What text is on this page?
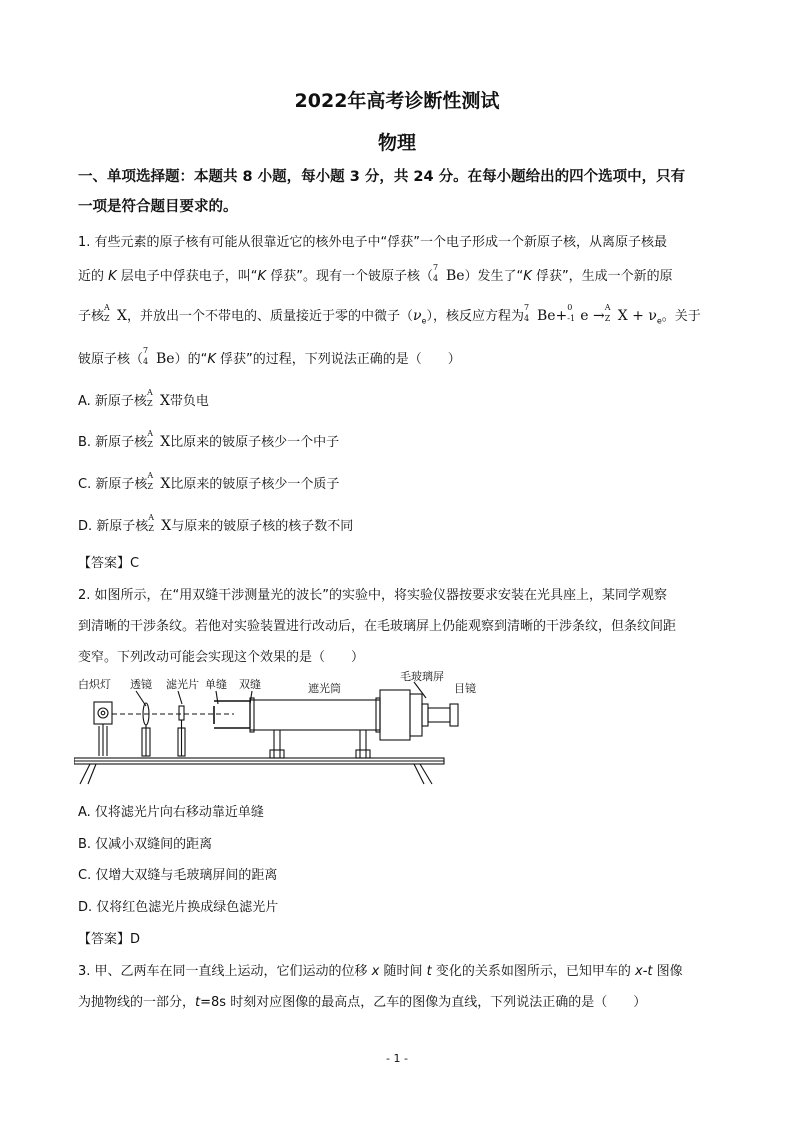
2022年高考诊断性测试
物理
一、单项选择题：本题共 8 小题，每小题 3 分，共 24 分。在每小题给出的四个选项中，只有
一项是符合题目要求的。
1. 有些元素的原子核有可能从很靠近它的核外电子中“俘获”一个电子形成一个新原子核，从离原子核最
近的 K 层电子中俘获电子，叫“K 俘获”。现有一个铍原子核（
7
4 Be）发生了“K 俘获”，生成一个新的原
子核
A
Z X，并放出一个不带电的、质量接近于零的中微子$(\nu_e)$，核反应方程为
7
4 Be+
0
-1 e →
A
Z $X + \nu_e$。关于
铍原子核（
7
4 Be）的“K 俘获”的过程，下列说法正确的是（　　）
A. 新原子核
A
Z X带负电
B. 新原子核
A
Z X比原来的铍原子核少一个中子
C. 新原子核
A
Z X比原来的铍原子核少一个质子
D. 新原子核
A
Z X与原来的铍原子核的核子数不同
【答案】C
2. 如图所示，在“用双缝干涉测量光的波长”的实验中，将实验仪器按要求安装在光具座上，某同学观察
到清晰的干涉条纹。若他对实验装置进行改动后，在毛玻璃屏上仍能观察到清晰的干涉条纹，但条纹间距
变窄。下列改动可能会实现这个效果的是（　　）
白炽灯 透镜 滤光片 单缝 双缝	遮光筒
毛玻璃屏
目镜
A. 仅将滤光片向右移动靠近单缝
B. 仅减小双缝间的距离
C. 仅增大双缝与毛玻璃屏间的距离
D. 仅将红色滤光片换成绿色滤光片
【答案】D
3. 甲、乙两车在同一直线上运动，它们运动的位移 x 随时间 t 变化的关系如图所示，已知甲车的 x-t 图像
为抛物线的一部分，t=8s 时刻对应图像的最高点，乙车的图像为直线，下列说法正确的是（　　）
- 1 -
